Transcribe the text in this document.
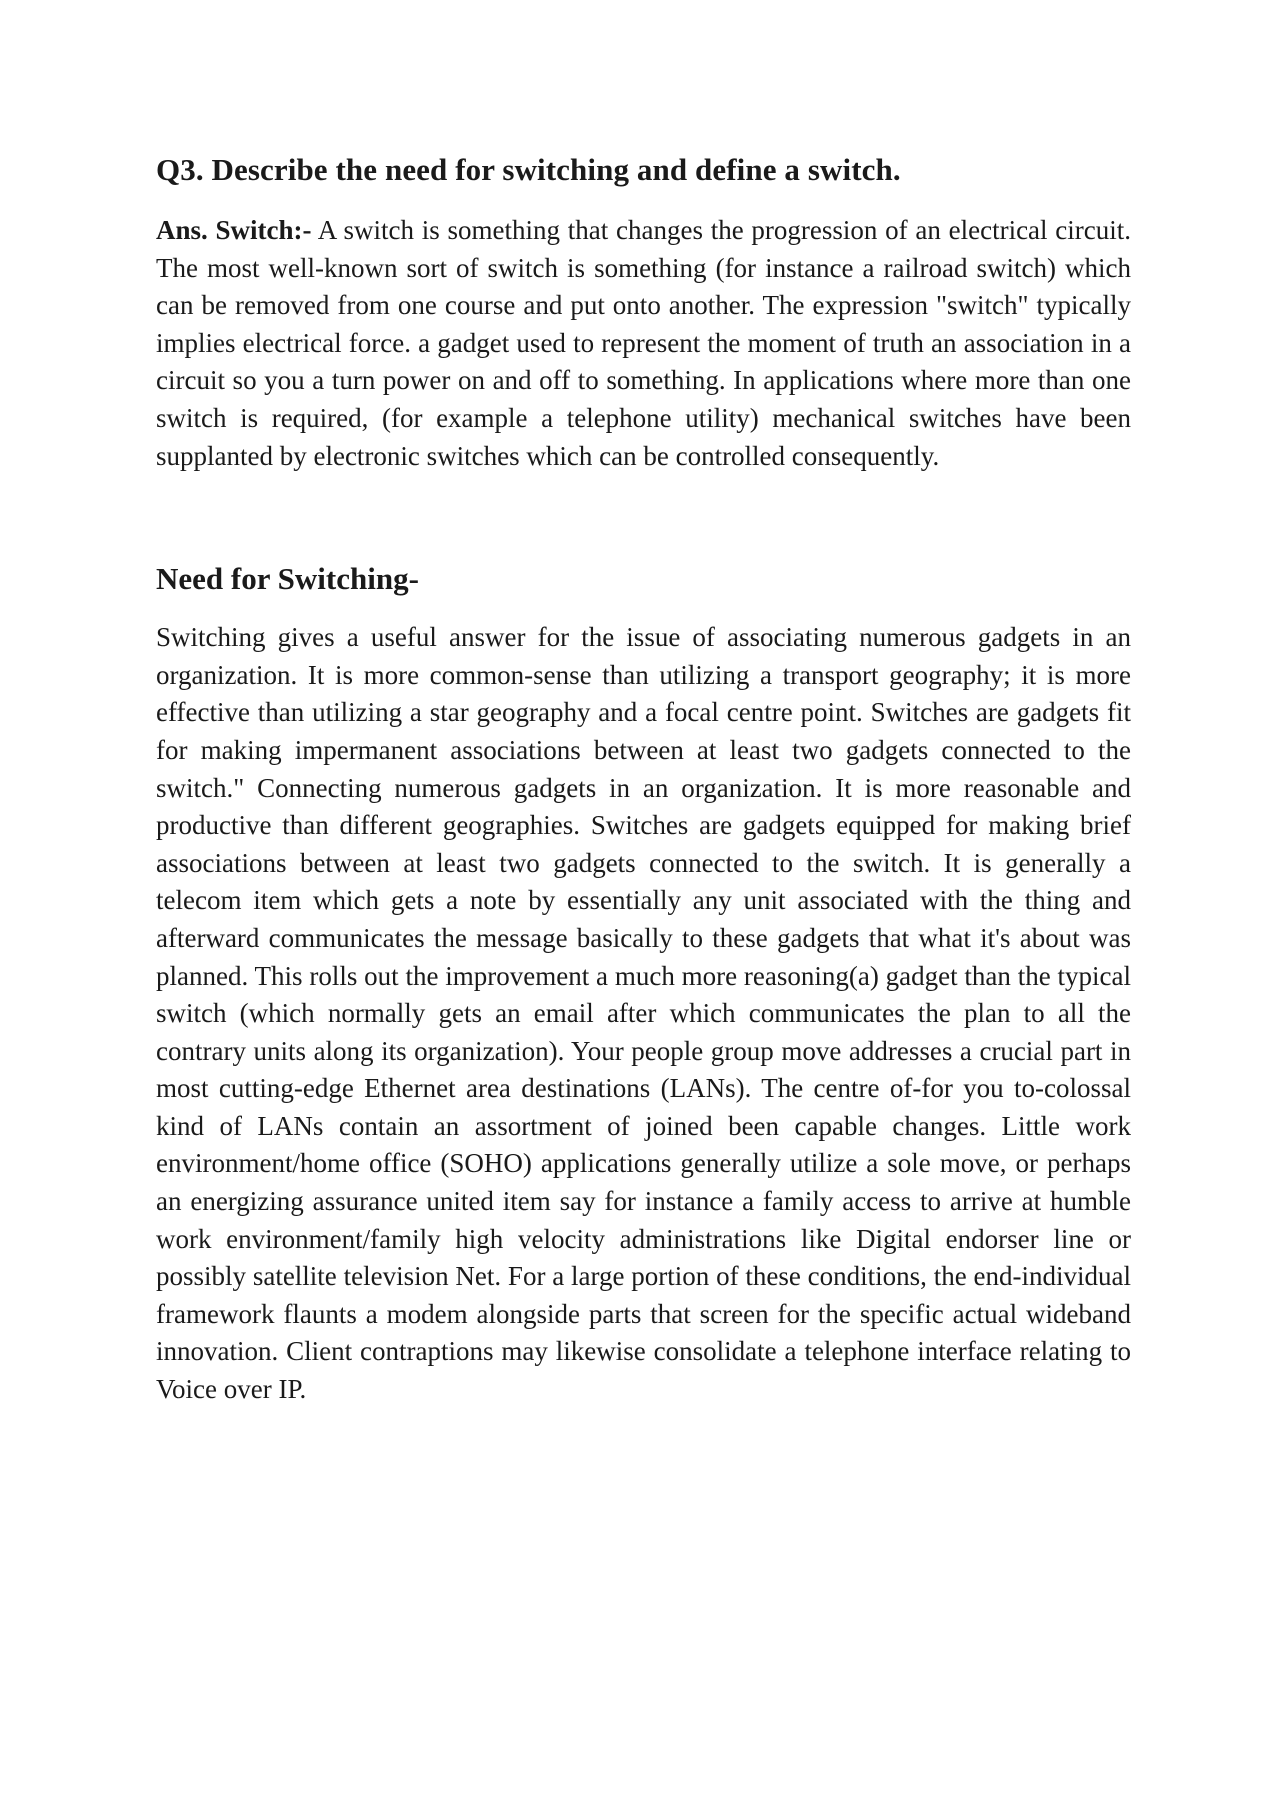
Q3. Describe the need for switching and define a switch.

Ans. Switch:- A switch is something that changes the progression of an electrical circuit. The most well-known sort of switch is something (for instance a railroad switch) which can be removed from one course and put onto another. The expression "switch" typically implies electrical force. a gadget used to represent the moment of truth an association in a circuit so you a turn power on and off to something. In applications where more than one switch is required, (for example a telephone utility) mechanical switches have been supplanted by electronic switches which can be controlled consequently.

Need for Switching-

Switching gives a useful answer for the issue of associating numerous gadgets in an organization. It is more common-sense than utilizing a transport geography; it is more effective than utilizing a star geography and a focal centre point. Switches are gadgets fit for making impermanent associations between at least two gadgets connected to the switch." Connecting numerous gadgets in an organization. It is more reasonable and productive than different geographies. Switches are gadgets equipped for making brief associations between at least two gadgets connected to the switch. It is generally a telecom item which gets a note by essentially any unit associated with the thing and afterward communicates the message basically to these gadgets that what it's about was planned. This rolls out the improvement a much more reasoning(a) gadget than the typical switch (which normally gets an email after which communicates the plan to all the contrary units along its organization). Your people group move addresses a crucial part in most cutting-edge Ethernet area destinations (LANs). The centre of-for you to-colossal kind of LANs contain an assortment of joined been capable changes. Little work environment/home office (SOHO) applications generally utilize a sole move, or perhaps an energizing assurance united item say for instance a family access to arrive at humble work environment/family high velocity administrations like Digital endorser line or possibly satellite television Net. For a large portion of these conditions, the end-individual framework flaunts a modem alongside parts that screen for the specific actual wideband innovation. Client contraptions may likewise consolidate a telephone interface relating to Voice over IP.
